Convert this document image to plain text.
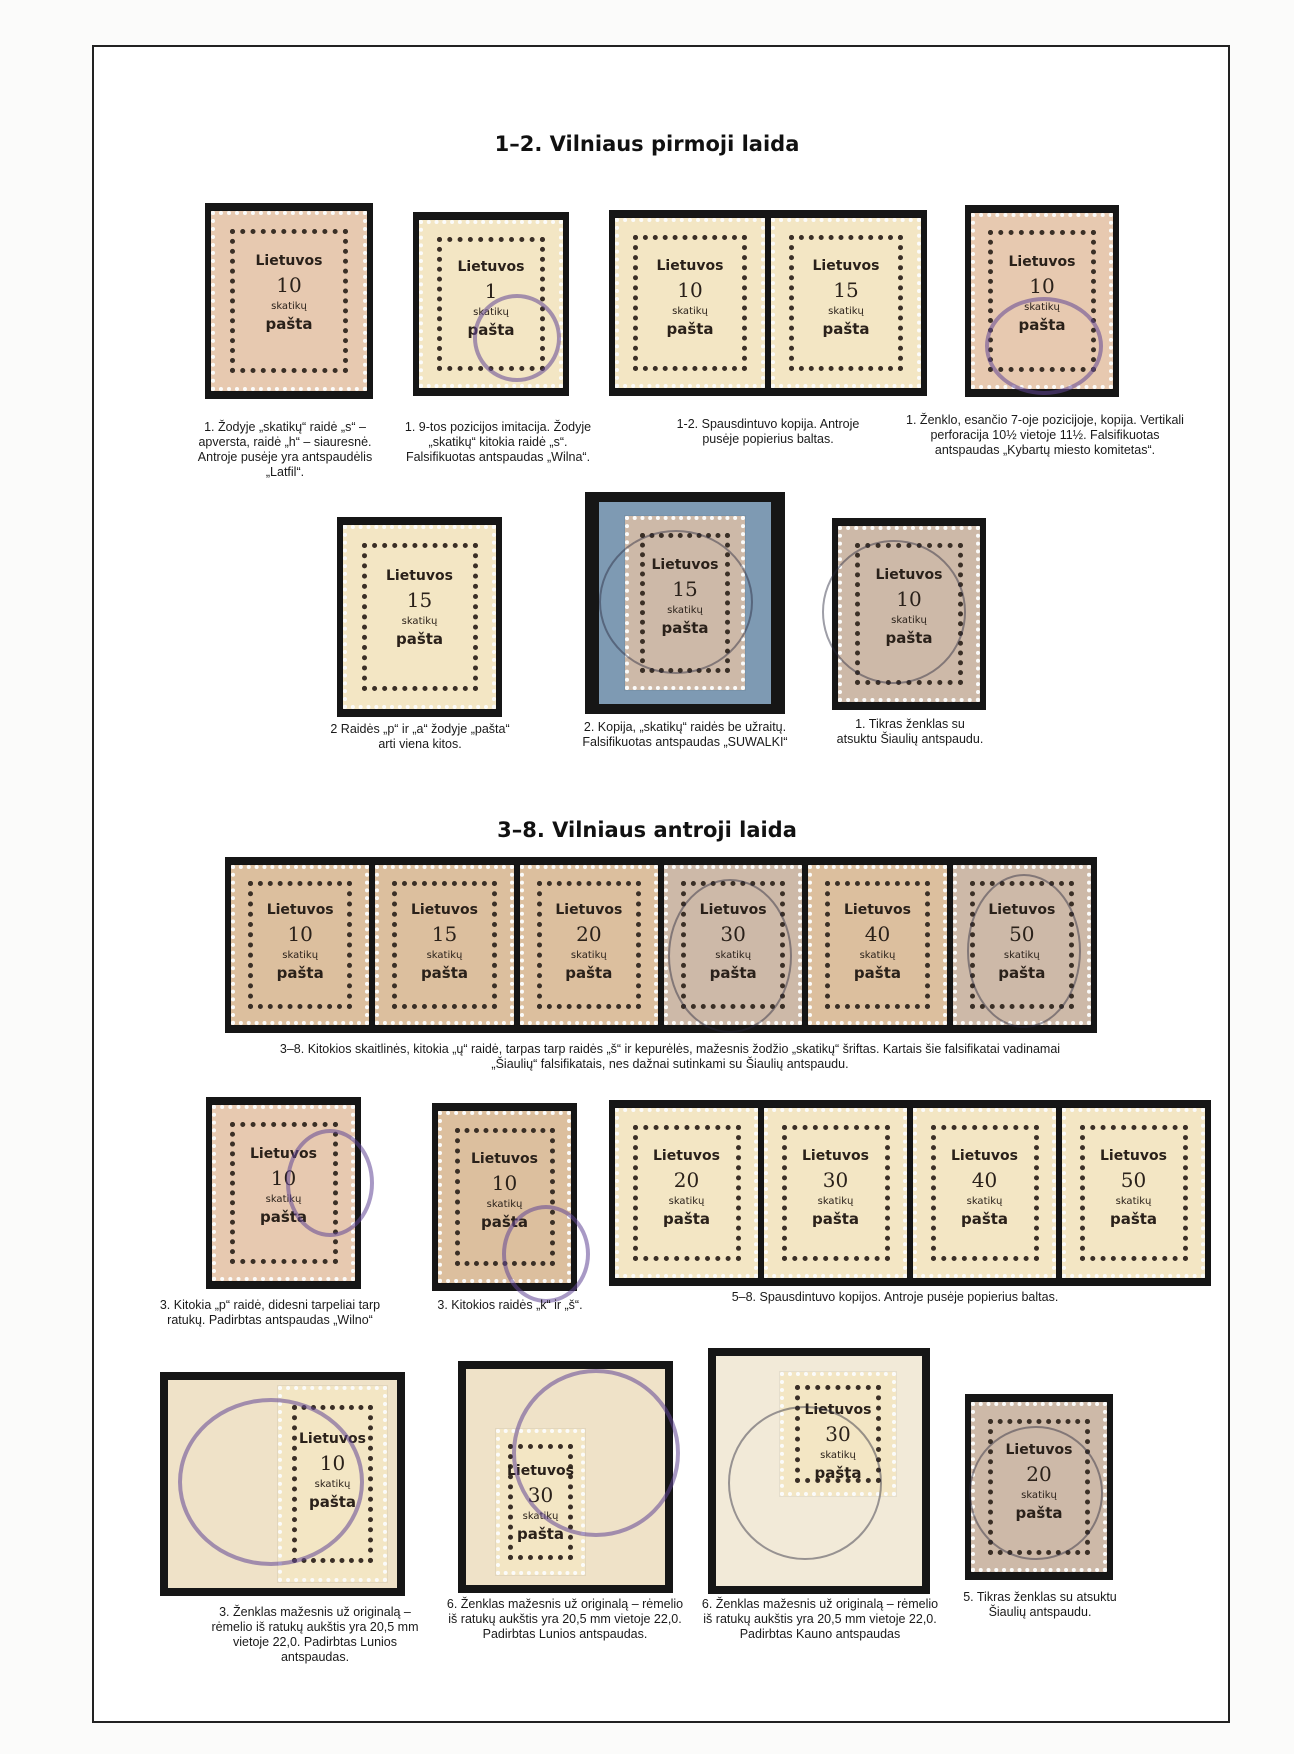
1–2. Vilniaus pirmoji laida
Lietuvos
10
skatikų
pašta
Lietuvos
1
skatikų
pašta
Lietuvos
10
skatikų
pašta
Lietuvos
15
skatikų
pašta
Lietuvos
10
skatikų
pašta
1. Žodyje „skatikų“ raidė „s“ – apversta, raidė „h“ – siauresnė. Antroje pusėje yra antspaudėlis „Latfil“.
1. 9-tos pozicijos imitacija. Žodyje „skatikų“ kitokia raidė „s“. Falsifikuotas antspaudas „Wilna“.
1-2. Spausdintuvo kopija. Antroje pusėje popierius baltas.
1. Ženklo, esančio 7-oje pozicijoje, kopija. Vertikali perforacija 10½ vietoje 11½. Falsifikuotas antspaudas „Kybartų miesto komitetas“.
Lietuvos
15
skatikų
pašta
Lietuvos
15
skatikų
pašta
Lietuvos
10
skatikų
pašta
2 Raidės „p“ ir „a“ žodyje „pašta“ arti viena kitos.
2. Kopija, „skatikų“ raidės be užraitų. Falsifikuotas antspaudas „SUWALKI“
1. Tikras ženklas su atsuktu Šiaulių antspaudu.
3–8. Vilniaus antroji laida
Lietuvos
10
skatikų
pašta
Lietuvos
15
skatikų
pašta
Lietuvos
20
skatikų
pašta
Lietuvos
30
skatikų
pašta
Lietuvos
40
skatikų
pašta
Lietuvos
50
skatikų
pašta
3–8. Kitokios skaitlinės, kitokia „ų“ raidė, tarpas tarp raidės „š“ ir kepurėlės, mažesnis žodžio „skatikų“ šriftas. Kartais šie falsifikatai vadinamai „Šiaulių“ falsifikatais, nes dažnai sutinkami su Šiaulių antspaudu.
Lietuvos
10
skatikų
pašta
Lietuvos
10
skatikų
pašta
Lietuvos
20
skatikų
pašta
Lietuvos
30
skatikų
pašta
Lietuvos
40
skatikų
pašta
Lietuvos
50
skatikų
pašta
3. Kitokia „p“ raidė, didesni tarpeliai tarp ratukų. Padirbtas antspaudas „Wilno“
3. Kitokios raidės „k“ ir „š“.
5–8. Spausdintuvo kopijos. Antroje pusėje popierius baltas.
Lietuvos
10
skatikų
pašta
Lietuvos
30
skatikų
pašta
Lietuvos
30
skatikų
pašta
Lietuvos
20
skatikų
pašta
3. Ženklas mažesnis už originalą – rėmelio iš ratukų aukštis yra 20,5 mm vietoje 22,0. Padirbtas Lunios antspaudas.
6. Ženklas mažesnis už originalą – rėmelio iš ratukų aukštis yra 20,5 mm vietoje 22,0. Padirbtas Lunios antspaudas.
6. Ženklas mažesnis už originalą – rėmelio iš ratukų aukštis yra 20,5 mm vietoje 22,0. Padirbtas Kauno antspaudas
5. Tikras ženklas su atsuktu Šiaulių antspaudu.
